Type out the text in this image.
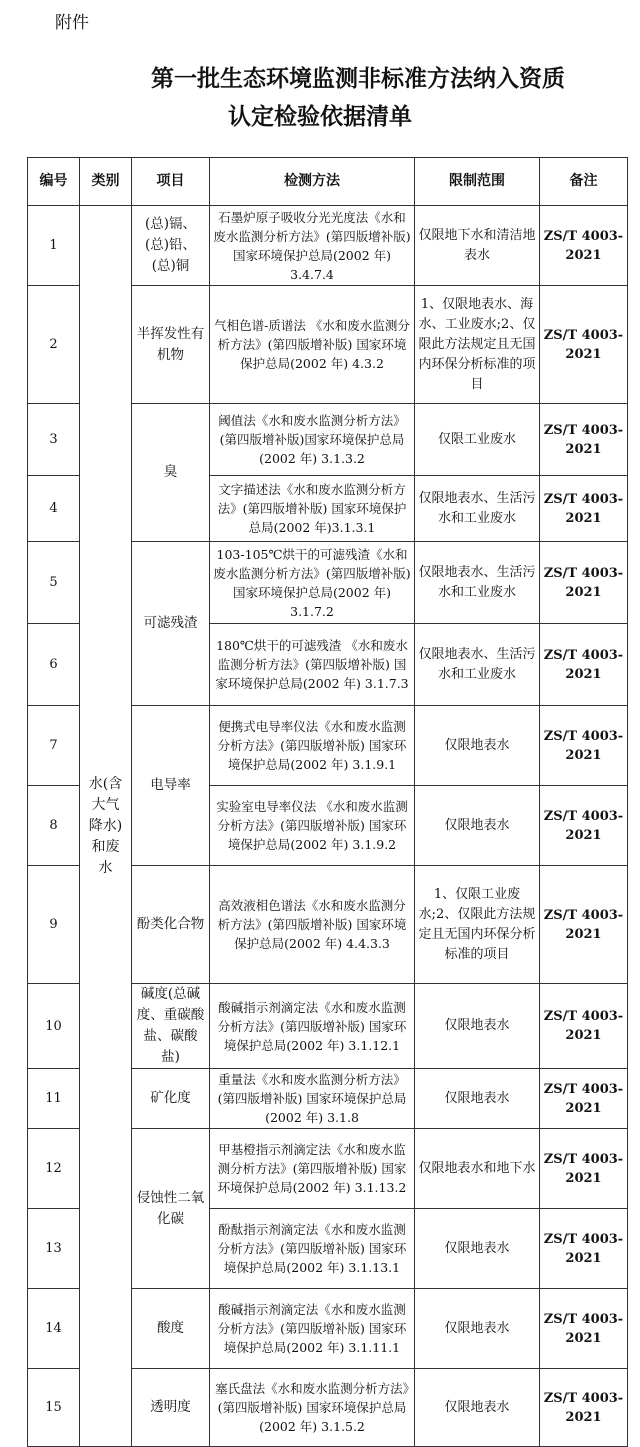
附件
第一批生态环境监测非标准方法纳入资质
认定检验依据清单
编号	类别	项目	检测方法	限制范围	备注
1	水(含大气降水)和废水	(总)镉、(总)铅、(总)铜	石墨炉原子吸收分光光度法《水和废水监测分析方法》(第四版增补版) 国家环境保护总局(2002 年) 3.4.7.4	仅限地下水和清洁地表水	ZS/T 4003-2021
2		半挥发性有机物	气相色谱-质谱法 《水和废水监测分析方法》(第四版增补版) 国家环境保护总局(2002 年) 4.3.2	1、仅限地表水、海水、工业废水;2、仅限此方法规定且无国内环保分析标准的项目	ZS/T 4003-2021
3		臭	阈值法《水和废水监测分析方法》(第四版增补版)国家环境保护总局(2002 年) 3.1.3.2	仅限工业废水	ZS/T 4003-2021
4			文字描述法《水和废水监测分析方法》(第四版增补版) 国家环境保护总局(2002 年)3.1.3.1	仅限地表水、生活污水和工业废水	ZS/T 4003-2021
5		可滤残渣	103-105℃烘干的可滤残渣《水和废水监测分析方法》(第四版增补版) 国家环境保护总局(2002 年) 3.1.7.2	仅限地表水、生活污水和工业废水	ZS/T 4003-2021
6			180℃烘干的可滤残渣 《水和废水监测分析方法》(第四版增补版) 国家环境保护总局(2002 年) 3.1.7.3	仅限地表水、生活污水和工业废水	ZS/T 4003-2021
7		电导率	便携式电导率仪法《水和废水监测分析方法》(第四版增补版) 国家环境保护总局(2002 年) 3.1.9.1	仅限地表水	ZS/T 4003-2021
8			实验室电导率仪法 《水和废水监测分析方法》(第四版增补版) 国家环境保护总局(2002 年) 3.1.9.2	仅限地表水	ZS/T 4003-2021
9		酚类化合物	高效液相色谱法《水和废水监测分析方法》(第四版增补版) 国家环境保护总局(2002 年) 4.4.3.3	1、仅限工业废水;2、仅限此方法规定且无国内环保分析标准的项目	ZS/T 4003-2021
10		碱度(总碱度、重碳酸盐、碳酸盐)	酸碱指示剂滴定法《水和废水监测分析方法》(第四版增补版) 国家环境保护总局(2002 年) 3.1.12.1	仅限地表水	ZS/T 4003-2021
11		矿化度	重量法《水和废水监测分析方法》(第四版增补版) 国家环境保护总局(2002 年) 3.1.8	仅限地表水	ZS/T 4003-2021
12		侵蚀性二氧化碳	甲基橙指示剂滴定法《水和废水监测分析方法》(第四版增补版) 国家环境保护总局(2002 年) 3.1.13.2	仅限地表水和地下水	ZS/T 4003-2021
13			酚酞指示剂滴定法《水和废水监测分析方法》(第四版增补版) 国家环境保护总局(2002 年) 3.1.13.1	仅限地表水	ZS/T 4003-2021
14		酸度	酸碱指示剂滴定法《水和废水监测分析方法》(第四版增补版) 国家环境保护总局(2002 年) 3.1.11.1	仅限地表水	ZS/T 4003-2021
15		透明度	塞氏盘法《水和废水监测分析方法》(第四版增补版) 国家环境保护总局(2002 年) 3.1.5.2	仅限地表水	ZS/T 4003-2021
